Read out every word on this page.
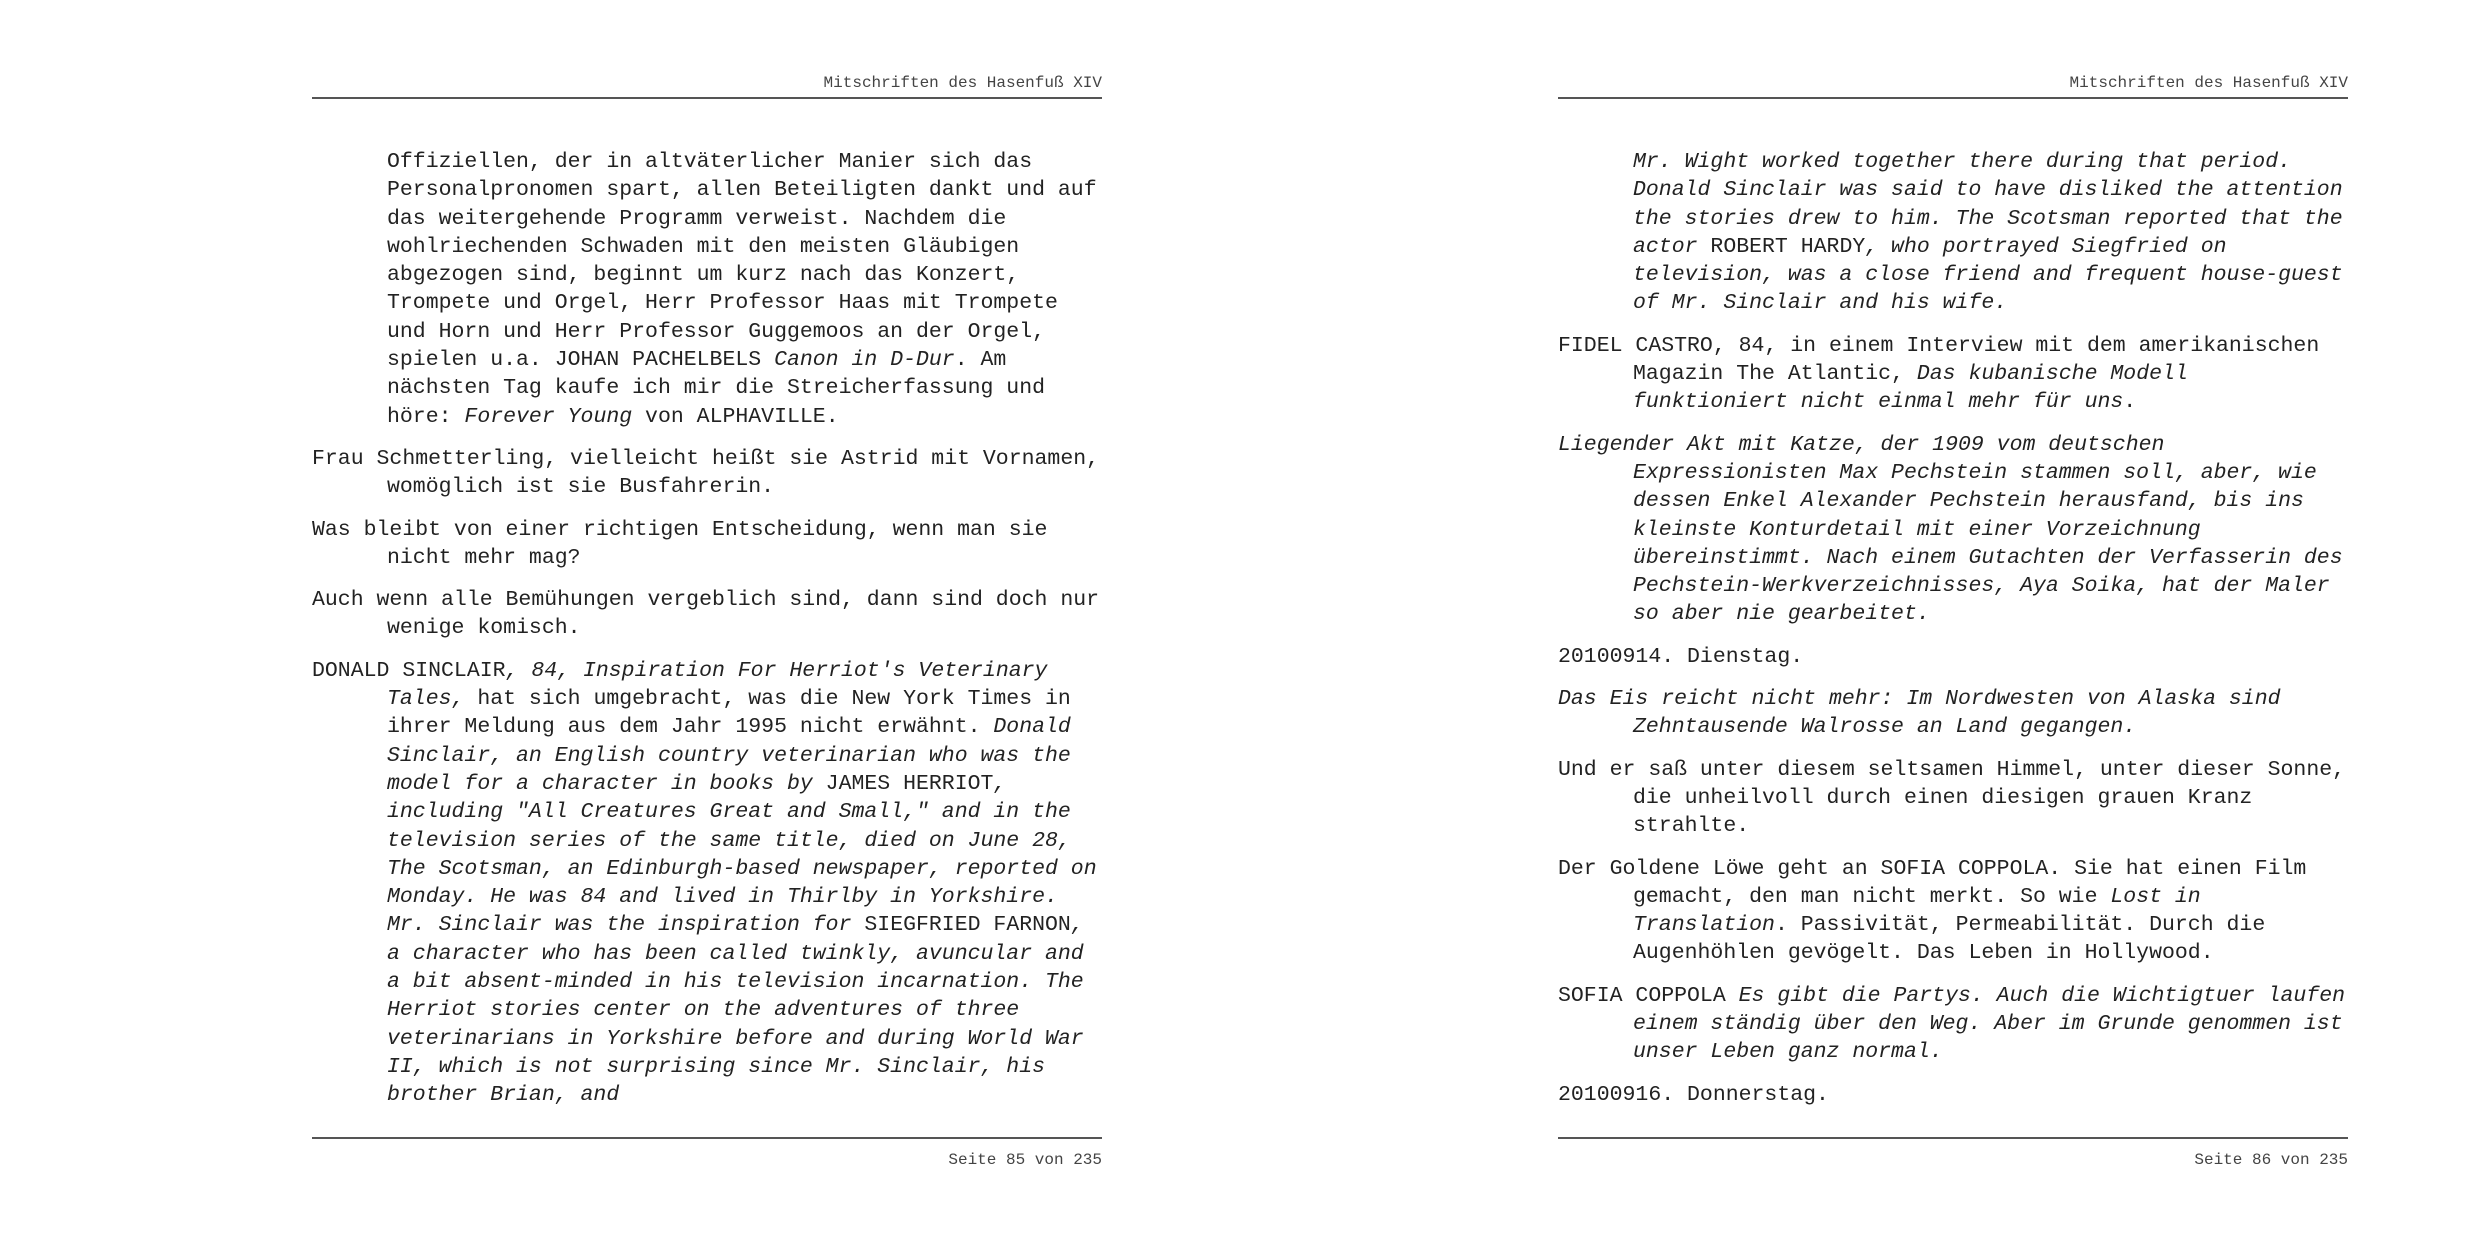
Mitschriften des Hasenfuß XIV

Offiziellen, der in altväterlicher Manier sich das Personalpronomen spart, allen Beteiligten dankt und auf das weitergehende Programm verweist. Nachdem die wohlriechenden Schwaden mit den meisten Gläubigen abgezogen sind, beginnt um kurz nach das Konzert, Trompete und Orgel, Herr Professor Haas mit Trompete und Horn und Herr Professor Guggemoos an der Orgel, spielen u.a. JOHAN PACHELBELS Canon in D-Dur. Am nächsten Tag kaufe ich mir die Streicherfassung und höre: Forever Young von ALPHAVILLE.

Frau Schmetterling, vielleicht heißt sie Astrid mit Vornamen, womöglich ist sie Busfahrerin.

Was bleibt von einer richtigen Entscheidung, wenn man sie nicht mehr mag?

Auch wenn alle Bemühungen vergeblich sind, dann sind doch nur wenige komisch.

DONALD SINCLAIR, 84, Inspiration For Herriot's Veterinary Tales, hat sich umgebracht, was die New York Times in ihrer Meldung aus dem Jahr 1995 nicht erwähnt. Donald Sinclair, an English country veterinarian who was the model for a character in books by JAMES HERRIOT, including "All Creatures Great and Small," and in the television series of the same title, died on June 28, The Scotsman, an Edinburgh-based newspaper, reported on Monday. He was 84 and lived in Thirlby in Yorkshire. Mr. Sinclair was the inspiration for SIEGFRIED FARNON, a character who has been called twinkly, avuncular and a bit absent-minded in his television incarnation. The Herriot stories center on the adventures of three veterinarians in Yorkshire before and during World War II, which is not surprising since Mr. Sinclair, his brother Brian, and

Seite 85 von 235
Mitschriften des Hasenfuß XIV

Mr. Wight worked together there during that period. Donald Sinclair was said to have disliked the attention the stories drew to him. The Scotsman reported that the actor ROBERT HARDY, who portrayed Siegfried on television, was a close friend and frequent house-guest of Mr. Sinclair and his wife.

FIDEL CASTRO, 84, in einem Interview mit dem amerikanischen Magazin The Atlantic, Das kubanische Modell funktioniert nicht einmal mehr für uns.

Liegender Akt mit Katze, der 1909 vom deutschen Expressionisten Max Pechstein stammen soll, aber, wie dessen Enkel Alexander Pechstein herausfand, bis ins kleinste Konturdetail mit einer Vorzeichnung übereinstimmt. Nach einem Gutachten der Verfasserin des Pechstein-Werkverzeichnisses, Aya Soika, hat der Maler so aber nie gearbeitet.

20100914. Dienstag.

Das Eis reicht nicht mehr: Im Nordwesten von Alaska sind Zehntausende Walrosse an Land gegangen.

Und er saß unter diesem seltsamen Himmel, unter dieser Sonne, die unheilvoll durch einen diesigen grauen Kranz strahlte.

Der Goldene Löwe geht an SOFIA COPPOLA. Sie hat einen Film gemacht, den man nicht merkt. So wie Lost in Translation. Passivität, Permeabilität. Durch die Augenhöhlen gevögelt. Das Leben in Hollywood.

SOFIA COPPOLA Es gibt die Partys. Auch die Wichtigtuer laufen einem ständig über den Weg. Aber im Grunde genommen ist unser Leben ganz normal.

20100916. Donnerstag.

Seite 86 von 235
